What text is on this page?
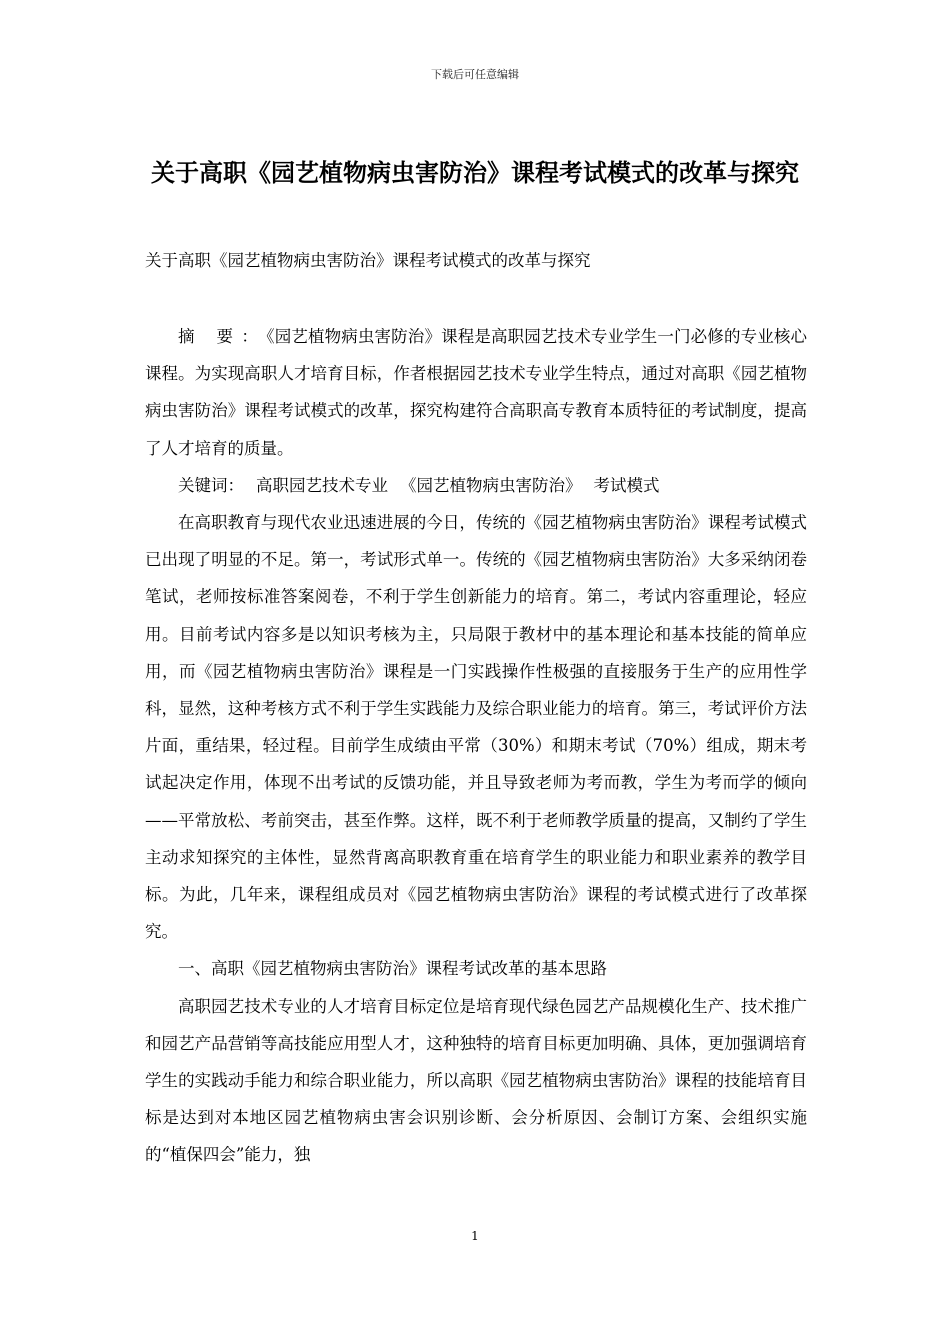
下载后可任意编辑
关于高职《园艺植物病虫害防治》课程考试模式的改革与探究
关于高职《园艺植物病虫害防治》课程考试模式的改革与探究

摘 要：《园艺植物病虫害防治》课程是高职园艺技术专业学生一门必修的专业核心课程。为实现高职人才培育目标，作者根据园艺技术专业学生特点，通过对高职《园艺植物病虫害防治》课程考试模式的改革，探究构建符合高职高专教育本质特征的考试制度，提高了人才培育的质量。

关键词： 高职园艺技术专业 《园艺植物病虫害防治》 考试模式

在高职教育与现代农业迅速进展的今日，传统的《园艺植物病虫害防治》课程考试模式已出现了明显的不足。第一，考试形式单一。传统的《园艺植物病虫害防治》大多采纳闭卷笔试，老师按标准答案阅卷，不利于学生创新能力的培育。第二，考试内容重理论，轻应用。目前考试内容多是以知识考核为主，只局限于教材中的基本理论和基本技能的简单应用，而《园艺植物病虫害防治》课程是一门实践操作性极强的直接服务于生产的应用性学科，显然，这种考核方式不利于学生实践能力及综合职业能力的培育。第三，考试评价方法片面，重结果，轻过程。目前学生成绩由平常（30%）和期末考试（70%）组成，期末考试起决定作用，体现不出考试的反馈功能，并且导致老师为考而教，学生为考而学的倾向——平常放松、考前突击，甚至作弊。这样，既不利于老师教学质量的提高，又制约了学生主动求知探究的主体性，显然背离高职教育重在培育学生的职业能力和职业素养的教学目标。为此，几年来，课程组成员对《园艺植物病虫害防治》课程的考试模式进行了改革探究。

一、高职《园艺植物病虫害防治》课程考试改革的基本思路

高职园艺技术专业的人才培育目标定位是培育现代绿色园艺产品规模化生产、技术推广和园艺产品营销等高技能应用型人才，这种独特的培育目标更加明确、具体，更加强调培育学生的实践动手能力和综合职业能力，所以高职《园艺植物病虫害防治》课程的技能培育目标是达到对本地区园艺植物病虫害会识别诊断、会分析原因、会制订方案、会组织实施的“植保四会”能力，独

1
